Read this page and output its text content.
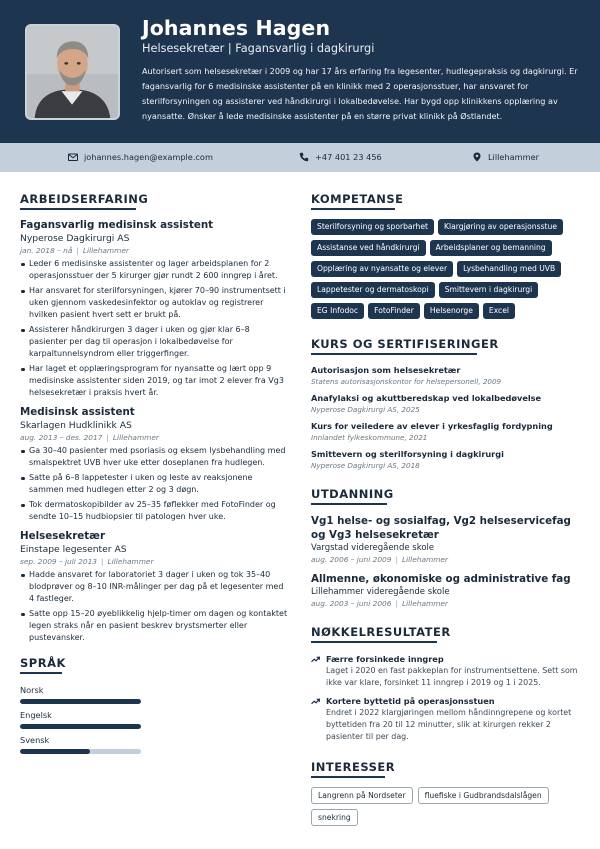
Johannes Hagen
Helsesekretær | Fagansvarlig i dagkirurgi
Autorisert som helsesekretær i 2009 og har 17 års erfaring fra legesenter, hudlegepraksis og dagkirurgi. Er fagansvarlig for 6 medisinske assistenter på en klinikk med 2 operasjonsstuer, har ansvaret for sterilforsyningen og assisterer ved håndkirurgi i lokalbedøvelse. Har bygd opp klinikkens opplæring av nyansatte. Ønsker å lede medisinske assistenter på en større privat klinikk på Østlandet.
johannes.hagen@example.com	+47 401 23 456	Lillehammer
ARBEIDSERFARING
Fagansvarlig medisinsk assistent
Nyperose Dagkirurgi AS
jan. 2018 – nå | Lillehammer
Leder 6 medisinske assistenter og lager arbeidsplanen for 2 operasjonsstuer der 5 kirurger gjør rundt 2 600 inngrep i året.
Har ansvaret for sterilforsyningen, kjører 70–90 instrumentsett i uken gjennom vaskedesinfektor og autoklav og registrerer hvilken pasient hvert sett er brukt på.
Assisterer håndkirurgen 3 dager i uken og gjør klar 6–8 pasienter per dag til operasjon i lokalbedøvelse for karpaltunnelsyndrom eller triggerfinger.
Har laget et opplæringsprogram for nyansatte og lært opp 9 medisinske assistenter siden 2019, og tar imot 2 elever fra Vg3 helsesekretær i praksis hvert år.
Medisinsk assistent
Skarlagen Hudklinikk AS
aug. 2013 – des. 2017 | Lillehammer
Ga 30–40 pasienter med psoriasis og eksem lysbehandling med smalspektret UVB hver uke etter doseplanen fra hudlegen.
Satte på 6–8 lappetester i uken og leste av reaksjonene sammen med hudlegen etter 2 og 3 døgn.
Tok dermatoskopibilder av 25–35 føflekker med FotoFinder og sendte 10–15 hudbiopsier til patologen hver uke.
Helsesekretær
Einstape legesenter AS
sep. 2009 – juli 2013 | Lillehammer
Hadde ansvaret for laboratoriet 3 dager i uken og tok 35–40 blodprøver og 8–10 INR-målinger per dag på et legesenter med 4 fastleger.
Satte opp 15–20 øyeblikkelig hjelp-timer om dagen og kontaktet legen straks når en pasient beskrev brystsmerter eller pustevansker.
SPRÅK
Norsk
Engelsk
Svensk
KOMPETANSE
Sterilforsyning og sporbarhet	Klargjøring av operasjonsstue
Assistanse ved håndkirurgi	Arbeidsplaner og bemanning
Opplæring av nyansatte og elever	Lysbehandling med UVB
Lappetester og dermatoskopi	Smittevern i dagkirurgi
EG Infodoc	FotoFinder	Helsenorge	Excel
KURS OG SERTIFISERINGER
Autorisasjon som helsesekretær
Statens autorisasjonskontor for helsepersonell, 2009
Anafylaksi og akuttberedskap ved lokalbedøvelse
Nyperose Dagkirurgi AS, 2025
Kurs for veiledere av elever i yrkesfaglig fordypning
Innlandet fylkeskommune, 2021
Smittevern og sterilforsyning i dagkirurgi
Nyperose Dagkirurgi AS, 2018
UTDANNING
Vg1 helse- og sosialfag, Vg2 helseservicefag og Vg3 helsesekretær
Vargstad videregående skole
aug. 2006 – juni 2009 | Lillehammer
Allmenne, økonomiske og administrative fag
Lillehammer videregående skole
aug. 2003 – juni 2006 | Lillehammer
NØKKELRESULTATER
Færre forsinkede inngrep
Laget i 2020 en fast pakkeplan for instrumentsettene. Sett som ikke var klare, forsinket 11 inngrep i 2019 og 1 i 2025.
Kortere byttetid på operasjonsstuen
Endret i 2022 klargjøringen mellom håndinngrepene og kortet byttetiden fra 20 til 12 minutter, slik at kirurgen rekker 2 pasienter til per dag.
INTERESSER
Langrenn på Nordseter	fluefiske i Gudbrandsdalslågen
snekring
